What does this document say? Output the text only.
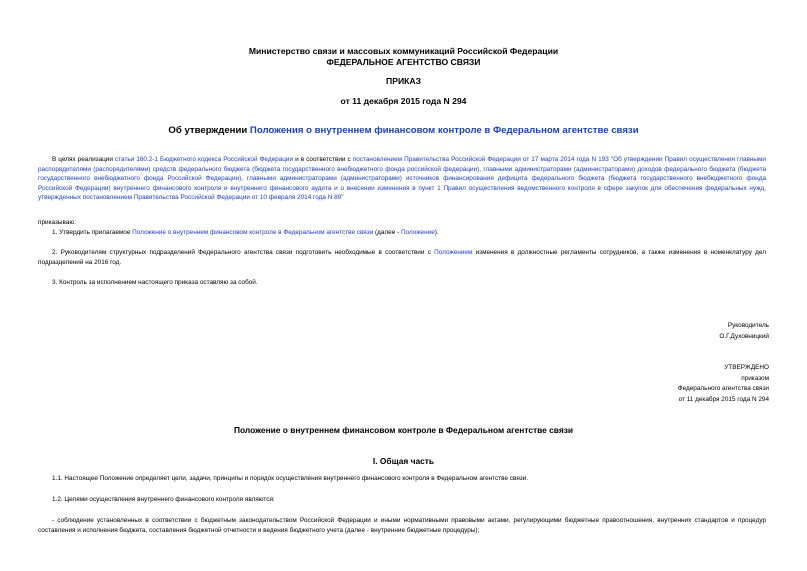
Министерство связи и массовых коммуникаций Российской Федерации
ФЕДЕРАЛЬНОЕ АГЕНТСТВО СВЯЗИ
ПРИКАЗ
от 11 декабря 2015 года N 294
Об утверждении Положения о внутреннем финансовом контроле в Федеральном агентстве связи
В целях реализации статьи 160.2-1 Бюджетного кодекса Российской Федерации и в соответствии с постановлением Правительства Российской Федерации от 17 марта 2014 года N 193 "Об утверждении Правил осуществления главными распорядителями (распорядителями) средств федерального бюджета (бюджета государственного внебюджетного фонда российской федерации), главными администраторами (администраторами) доходов федерального бюджета (бюджета государственного внебюджетного фонда Российской Федерации), главными администраторами (администраторами) источников финансирования дефицита федерального бюджета (бюджета государственного внебюджетного фонда Российской Федерации) внутреннего финансового контроля и внутреннего финансового аудита и о внесении изменения в пункт 1 Правил осуществления ведомственного контроля в сфере закупок для обеспечения федеральных нужд, утвержденных постановлением Правительства Российской Федерации от 10 февраля 2014 года N 89"
приказываю:
1. Утвердить прилагаемое Положение о внутреннем финансовом контроле в Федеральном агентстве связи (далее - Положение).
2. Руководителям структурных подразделений Федерального агентства связи подготовить необходимые в соответствии с Положением изменения в должностные регламенты сотрудников, а также изменения в номенклатуру дел подразделений на 2016 год.
3. Контроль за исполнением настоящего приказа оставляю за собой.
Руководитель
О.Г.Духовницкий
УТВЕРЖДЕНО
приказом
Федерального агентства связи
от 11 декабря 2015 года N 294
Положение о внутреннем финансовом контроле в Федеральном агентстве связи
I. Общая часть
1.1. Настоящее Положение определяет цели, задачи, принципы и порядок осуществления внутреннего финансового контроля в Федеральном агентстве связи.
1.2. Целями осуществления внутреннего финансового контроля являются:
- соблюдение установленных в соответствии с бюджетным законодательством Российской Федерации и иными нормативными правовыми актами, регулирующими бюджетные правоотношения, внутренних стандартов и процедур составления и исполнения бюджета, составления бюджетной отчетности и ведения бюджетного учета (далее - внутренние бюджетные процедуры);
